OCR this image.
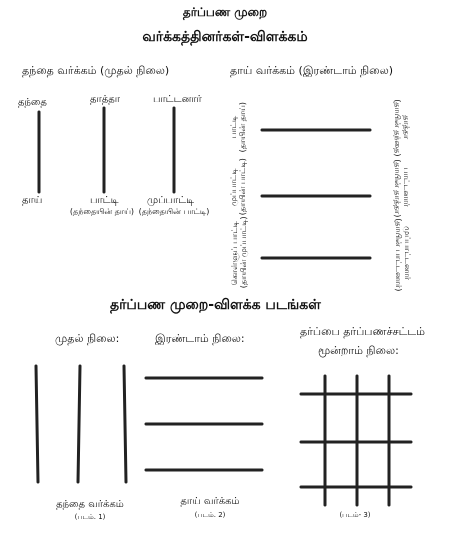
தர்ப்பண முறை
வர்க்கத்தினர்கள்-விளக்கம்
தந்தை வர்க்கம் (முதல் நிலை)	தாய் வர்க்கம் (இரண்டாம் நிலை)
தந்தை	தாத்தா	பாட்டனார்
தாய்	பாட்டி
(தந்தையின் தாய்)
முப்பாட்டி
(தந்தையின் பாட்டி)
பாட்டி
(தாயின் தாய்)	தாத்தா
(தாயின் தந்தை)
முப்பாட்டி
(தாயின் பாட்டி)	பாட்டனார்
(தாயின் தாத்தா)
கொள்ளுப் பாட்டி
(தாயின் முப்பாட்டி)	முப்பாட்டனார்
(தாயின் பாட்டனார்)
தர்ப்பண முறை-விளக்க படங்கள்
முதல் நிலை:	இரண்டாம் நிலை:
தர்ப்பை தர்ப்பணச்சட்டம்
மூன்றாம் நிலை:
தந்தை வர்க்கம்
(படம். 1)
தாய் வர்க்கம்
(படம். 2)	(படம்- 3)
